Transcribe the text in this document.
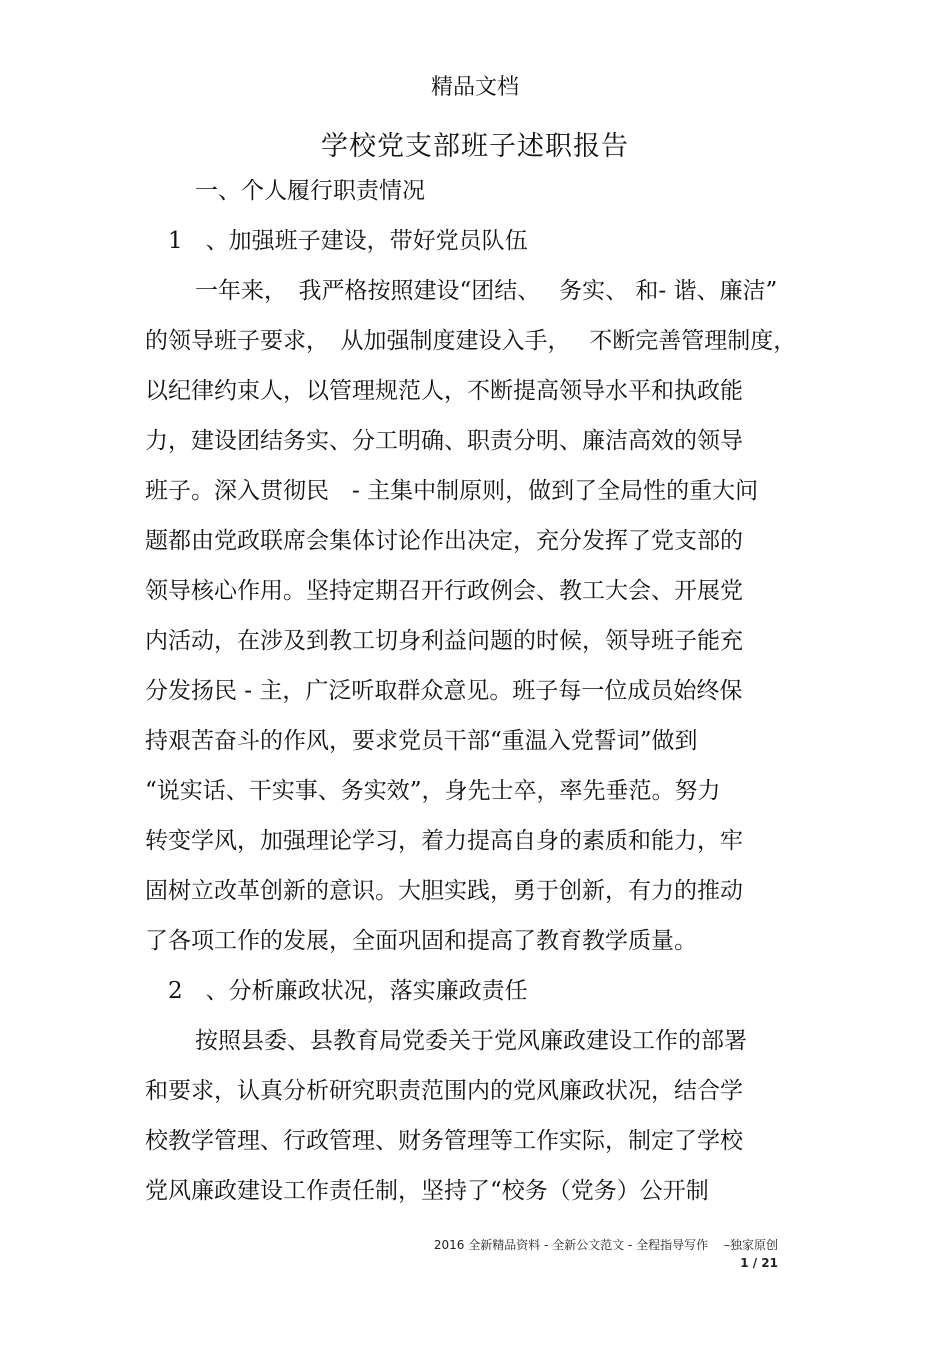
精品文档
学校党支部班子述职报告
一、个人履行职责情况
1　、加强班子建设，带好党员队伍
一年来，　我严格按照建设“团结、　 务实、 和- 谐、廉洁”
的领导班子要求，　从加强制度建设入手，　 不断完善管理制度，
以纪律约束人，以管理规范人，不断提高领导水平和执政能
力，建设团结务实、分工明确、职责分明、廉洁高效的领导
班子。深入贯彻民　- 主集中制原则，做到了全局性的重大问
题都由党政联席会集体讨论作出决定，充分发挥了党支部的
领导核心作用。坚持定期召开行政例会、教工大会、开展党
内活动，在涉及到教工切身利益问题的时候，领导班子能充
分发扬民 - 主，广泛听取群众意见。班子每一位成员始终保
持艰苦奋斗的作风，要求党员干部“重温入党誓词”做到
“说实话、干实事、务实效”，身先士卒，率先垂范。努力
转变学风，加强理论学习，着力提高自身的素质和能力，牢
固树立改革创新的意识。大胆实践，勇于创新，有力的推动
了各项工作的发展，全面巩固和提高了教育教学质量。
2　、分析廉政状况，落实廉政责任
按照县委、县教育局党委关于党风廉政建设工作的部署
和要求，认真分析研究职责范围内的党风廉政状况，结合学
校教学管理、行政管理、财务管理等工作实际，制定了学校
党风廉政建设工作责任制，坚持了“校务（党务）公开制
2016 全新精品资料 - 全新公文范文 - 全程指导写作　 –独家原创
1 / 21
